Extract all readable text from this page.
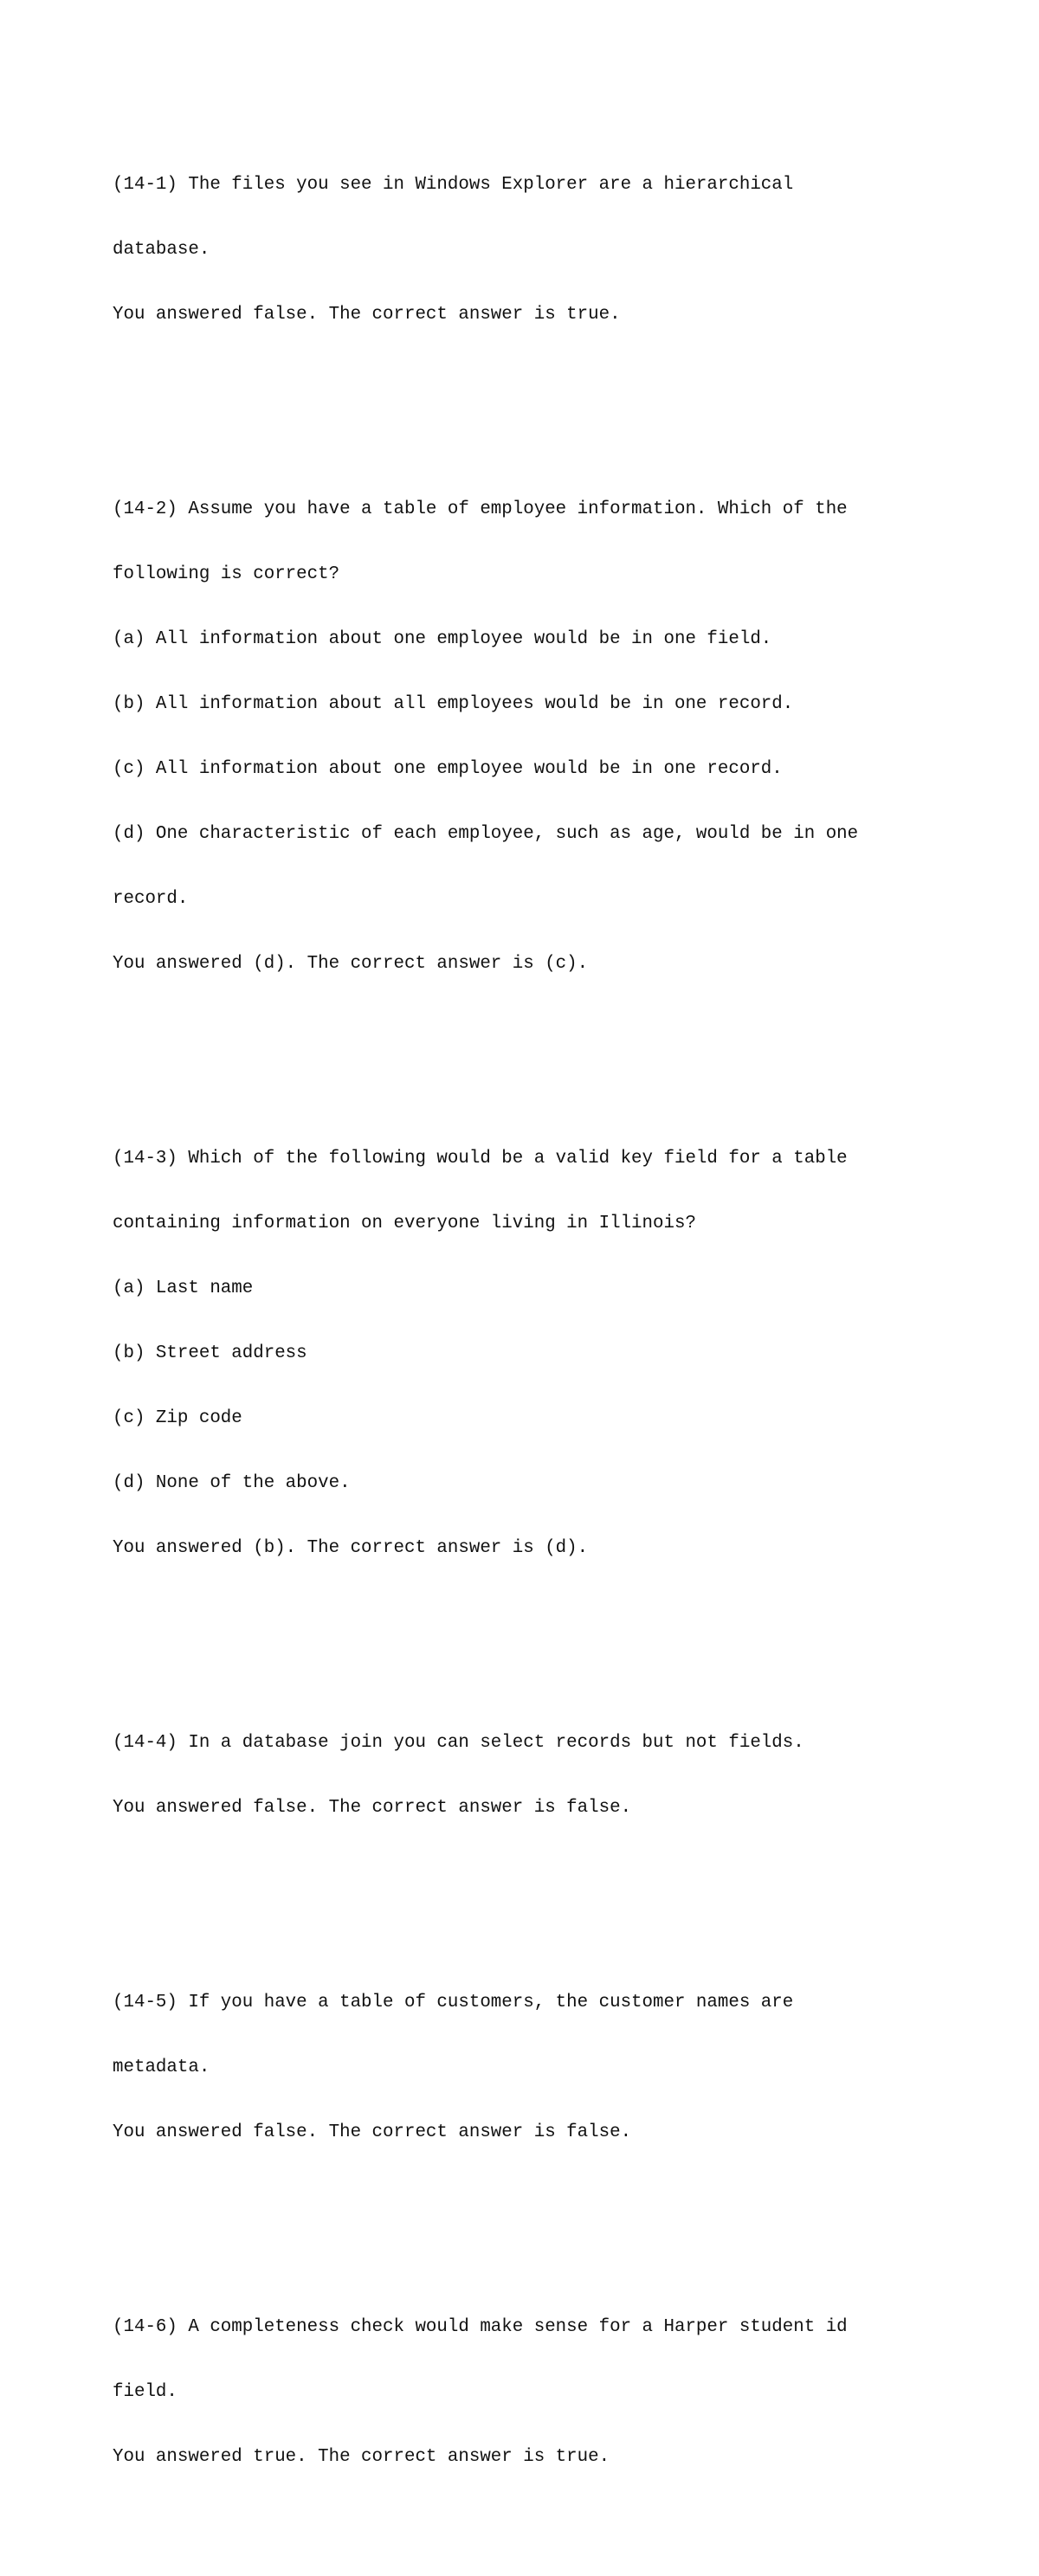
(14-1) The files you see in Windows Explorer are a hierarchical

database.

You answered false. The correct answer is true.

(14-2) Assume you have a table of employee information. Which of the

following is correct?

(a) All information about one employee would be in one field.

(b) All information about all employees would be in one record.

(c) All information about one employee would be in one record.

(d) One characteristic of each employee, such as age, would be in one

record.

You answered (d). The correct answer is (c).

(14-3) Which of the following would be a valid key field for a table

containing information on everyone living in Illinois?

(a) Last name

(b) Street address

(c) Zip code

(d) None of the above.

You answered (b). The correct answer is (d).

(14-4) In a database join you can select records but not fields.

You answered false. The correct answer is false.

(14-5) If you have a table of customers, the customer names are

metadata.

You answered false. The correct answer is false.

(14-6) A completeness check would make sense for a Harper student id

field.

You answered true. The correct answer is true.
